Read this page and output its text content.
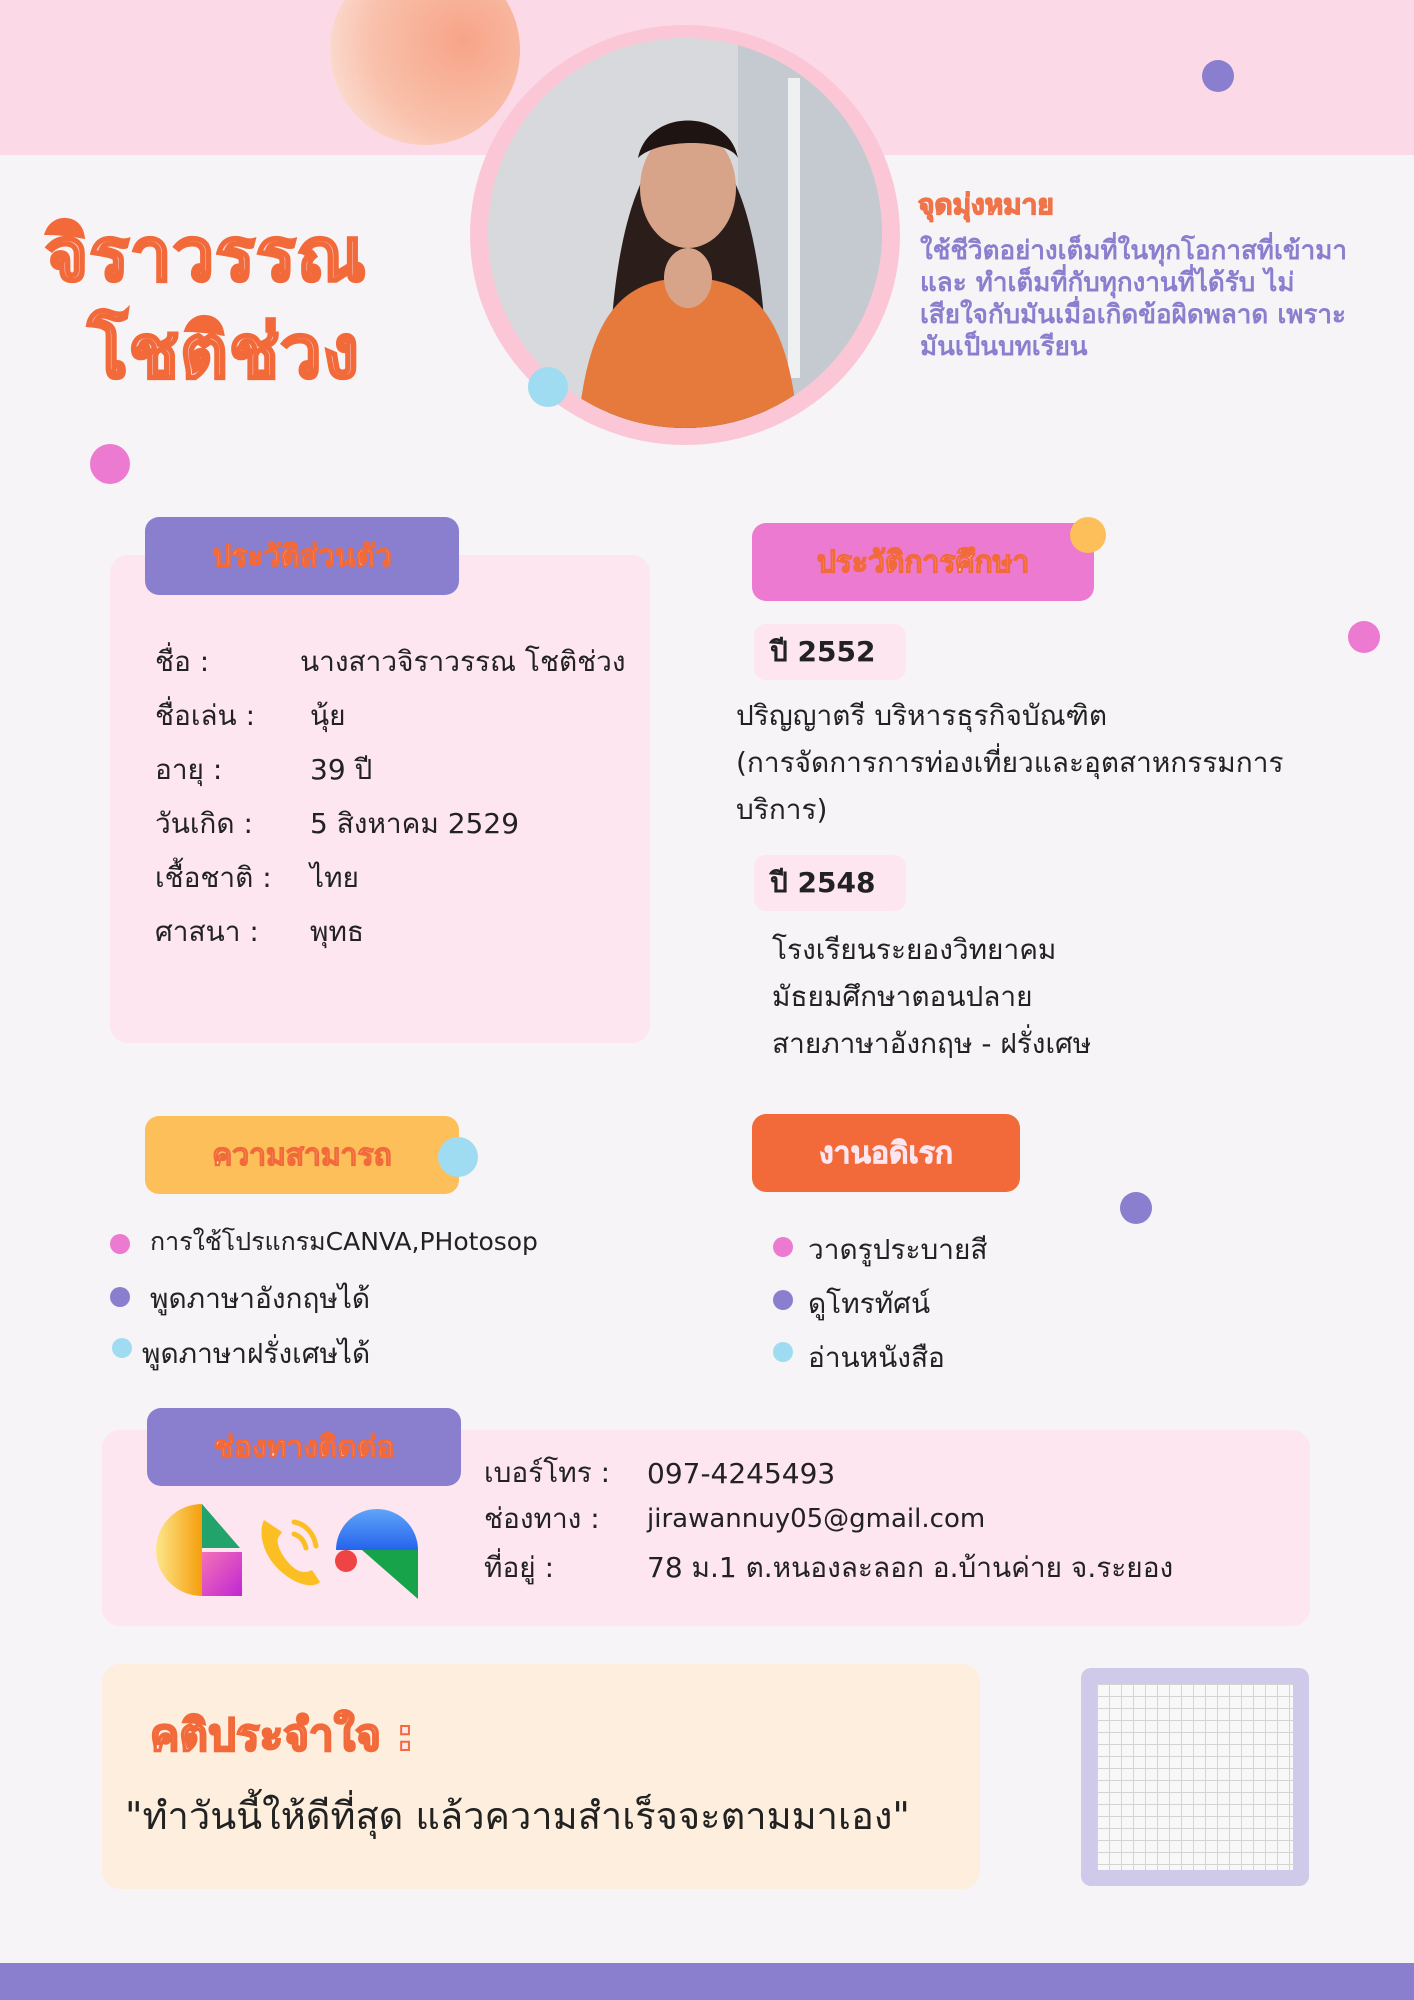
จิราวรรณ
โชติช่วง
จุดมุ่งหมาย
ใช้ชีวิตอย่างเต็มที่ในทุกโอกาสที่เข้ามาและ ทำเต็มที่กับทุกงานที่ได้รับ ไม่เสียใจกับมันเมื่อเกิดข้อผิดพลาด เพราะมันเป็นบทเรียน
ประวัติส่วนตัว
ชื่อ :	นางสาวจิราวรรณ โชติช่วง
ชื่อเล่น :	นุ้ย
อายุ :	39 ปี
วันเกิด :	5 สิงหาคม 2529
เชื้อชาติ :	ไทย
ศาสนา :	พุทธ
ประวัติการศึกษา
ปี 2552
ปริญญาตรี บริหารธุรกิจบัณฑิต
(การจัดการการท่องเที่ยวและอุตสาหกรรมการ
บริการ)
ปี 2548
โรงเรียนระยองวิทยาคม
มัธยมศึกษาตอนปลาย
สายภาษาอังกฤษ - ฝรั่งเศษ
ความสามารถ
การใช้โปรแกรมCANVA,PHotosop
พูดภาษาอังกฤษได้
พูดภาษาฝรั่งเศษได้
งานอดิเรก
วาดรูประบายสี
ดูโทรทัศน์
อ่านหนังสือ
ช่องทางติดต่อ
เบอร์โทร :	097-4245493
ช่องทาง :	jirawannuy05@gmail.com
ที่อยู่ :	78 ม.1 ต.หนองละลอก อ.บ้านค่าย จ.ระยอง
คติประจำใจ :
"ทำวันนี้ให้ดีที่สุด แล้วความสำเร็จจะตามมาเอง"
